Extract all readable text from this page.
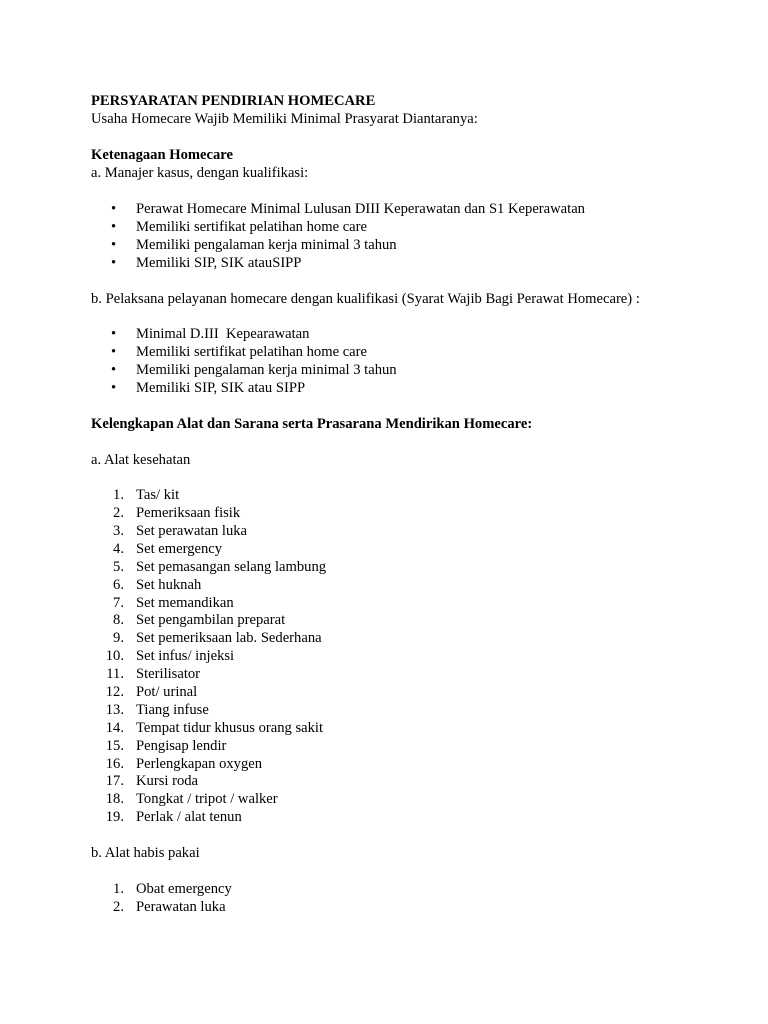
PERSYARATAN PENDIRIAN HOMECARE
Usaha Homecare Wajib Memiliki Minimal Prasyarat Diantaranya:
Ketenagaan Homecare
a. Manajer kasus, dengan kualifikasi:
• Perawat Homecare Minimal Lulusan DIII Keperawatan dan S1 Keperawatan
• Memiliki sertifikat pelatihan home care
• Memiliki pengalaman kerja minimal 3 tahun
• Memiliki SIP, SIK atauSIPP
b. Pelaksana pelayanan homecare dengan kualifikasi (Syarat Wajib Bagi Perawat Homecare) :
• Minimal D.III  Kepearawatan
• Memiliki sertifikat pelatihan home care
• Memiliki pengalaman kerja minimal 3 tahun
• Memiliki SIP, SIK atau SIPP
Kelengkapan Alat dan Sarana serta Prasarana Mendirikan Homecare:
a. Alat kesehatan
1. Tas/ kit
2. Pemeriksaan fisik
3. Set perawatan luka
4. Set emergency
5. Set pemasangan selang lambung
6. Set huknah
7. Set memandikan
8. Set pengambilan preparat
9. Set pemeriksaan lab. Sederhana
10. Set infus/ injeksi
11. Sterilisator
12. Pot/ urinal
13. Tiang infuse
14. Tempat tidur khusus orang sakit
15. Pengisap lendir
16. Perlengkapan oxygen
17. Kursi roda
18. Tongkat / tripot / walker
19. Perlak / alat tenun
b. Alat habis pakai
1. Obat emergency
2. Perawatan luka
